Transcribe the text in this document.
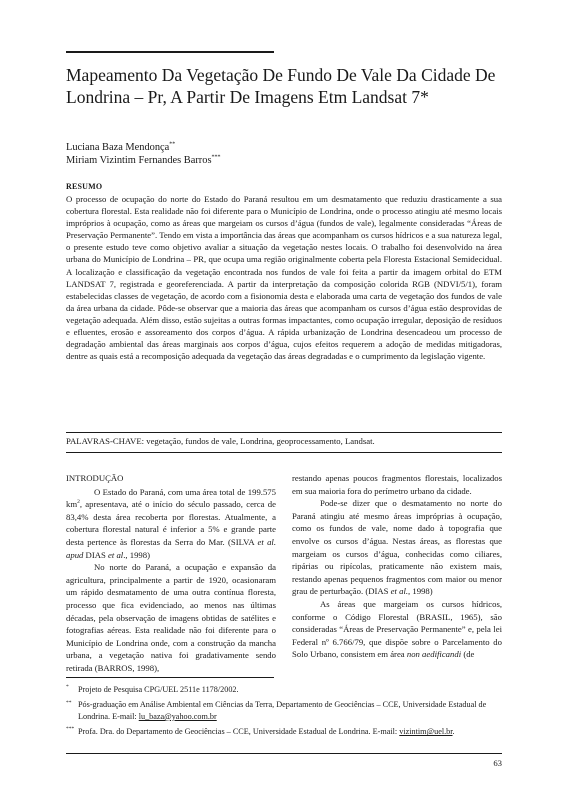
Mapeamento Da Vegetação De Fundo De Vale Da Cidade De Londrina – Pr, A Partir De Imagens Etm Landsat 7*
Luciana Baza Mendonça**
Miriam Vizintim Fernandes Barros***
RESUMO
O processo de ocupação do norte do Estado do Paraná resultou em um desmatamento que reduziu drasticamente a sua cobertura florestal. Esta realidade não foi diferente para o Município de Londrina, onde o processo atingiu até mesmo locais impróprios à ocupação, como as áreas que margeiam os cursos d’água (fundos de vale), legalmente consideradas “Áreas de Preservação Permanente”. Tendo em vista a importância das áreas que acompanham os cursos hídricos e a sua natureza legal, o presente estudo teve como objetivo avaliar a situação da vegetação nestes locais. O trabalho foi desenvolvido na área urbana do Município de Londrina – PR, que ocupa uma região originalmente coberta pela Floresta Estacional Semidecidual. A localização e classificação da vegetação encontrada nos fundos de vale foi feita a partir da imagem orbital do ETM LANDSAT 7, registrada e georeferenciada. A partir da interpretação da composição colorida RGB (NDVI/5/1), foram estabelecidas classes de vegetação, de acordo com a fisionomia desta e elaborada uma carta de vegetação dos fundos de vale da área urbana da cidade. Pôde-se observar que a maioria das áreas que acompanham os cursos d’água estão desprovidas de vegetação adequada. Além disso, estão sujeitas a outras formas impactantes, como ocupação irregular, deposição de resíduos e efluentes, erosão e assoreamento dos corpos d’água. A rápida urbanização de Londrina desencadeou um processo de degradação ambiental das áreas marginais aos corpos d’água, cujos efeitos requerem a adoção de medidas mitigadoras, dentre as quais está a recomposição adequada da vegetação das áreas degradadas e o cumprimento da legislação vigente.
PALAVRAS-CHAVE: vegetação, fundos de vale, Londrina, geoprocessamento, Landsat.
INTRODUÇÃO

O Estado do Paraná, com uma área total de 199.575 $km^2$, apresentava, até o início do século passado, cerca de 83,4% desta área recoberta por florestas. Atualmente, a cobertura florestal natural é inferior a 5% e grande parte desta pertence às florestas da Serra do Mar. (SILVA et al. apud DIAS et al., 1998)

No norte do Paraná, a ocupação e expansão da agricultura, principalmente a partir de 1920, ocasionaram um rápido desmatamento de uma outra contínua floresta, processo que fica evidenciado, ao menos nas últimas décadas, pela observação de imagens obtidas de satélites e fotografias aéreas. Esta realidade não foi diferente para o Município de Londrina onde, com a construção da mancha urbana, a vegetação nativa foi gradativamente sendo retirada (BARROS, 1998),

restando apenas poucos fragmentos florestais, localizados em sua maioria fora do perímetro urbano da cidade.

Pode-se dizer que o desmatamento no norte do Paraná atingiu até mesmo áreas impróprias à ocupação, como os fundos de vale, nome dado à topografia que envolve os cursos d’água. Nestas áreas, as florestas que margeiam os cursos d’água, conhecidas como ciliares, ripárias ou ripícolas, praticamente não existem mais, restando apenas pequenos fragmentos com maior ou menor grau de perturbação. (DIAS et al., 1998)

As áreas que margeiam os cursos hídricos, conforme o Código Florestal (BRASIL, 1965), são consideradas “Áreas de Preservação Permanente” e, pela lei Federal nº 6.766/79, que dispõe sobre o Parcelamento do Solo Urbano, consistem em área non aedificandi (de

* Projeto de Pesquisa CPG/UEL 2511e 1178/2002.

** Pós-graduação em Análise Ambiental em Ciências da Terra, Departamento de Geociências – CCE, Universidade Estadual de Londrina. E-mail: lu_baza@yahoo.com.br

*** Profa. Dra. do Departamento de Geociências – CCE, Universidade Estadual de Londrina. E-mail: vizintim@uel.br.

63
